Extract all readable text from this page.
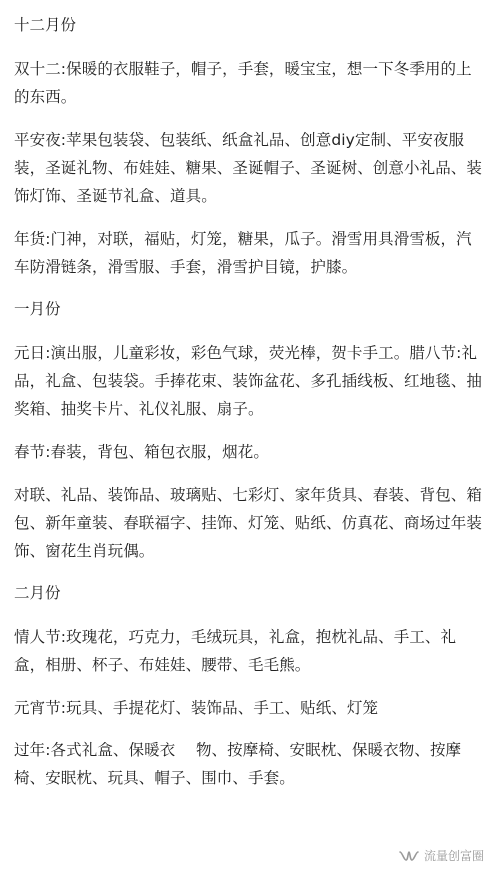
十二月份
双十二:保暖的衣服鞋子，帽子，手套，暖宝宝，想一下冬季用的上的东西。
平安夜:苹果包装袋、包装纸、纸盒礼品、创意diy定制、平安夜服装，圣诞礼物、布娃娃、糖果、圣诞帽子、圣诞树、创意小礼品、装饰灯饰、圣诞节礼盒、道具。
年货:门神，对联，福贴，灯笼，糖果，瓜子。滑雪用具滑雪板，汽车防滑链条，滑雪服、手套，滑雪护目镜，护膝。
一月份
元日:演出服，儿童彩妆，彩色气球，荧光棒，贺卡手工。腊八节:礼品，礼盒、包装袋。手捧花束、装饰盆花、多孔插线板、红地毯、抽奖箱、抽奖卡片、礼仪礼服、扇子。
春节:春装，背包、箱包衣服，烟花。
对联、礼品、装饰品、玻璃贴、七彩灯、家年货具、春装、背包、箱包、新年童装、春联福字、挂饰、灯笼、贴纸、仿真花、商场过年装饰、窗花生肖玩偶。
二月份
情人节:玫瑰花，巧克力，毛绒玩具，礼盒，抱枕礼品、手工、礼盒，相册、杯子、布娃娃、腰带、毛毛熊。
元宵节:玩具、手提花灯、装饰品、手工、贴纸、灯笼
过年:各式礼盒、保暖衣　 物、按摩椅、安眠枕、保暖衣物、按摩椅、安眠枕、玩具、帽子、围巾、手套。
流量创富圈
